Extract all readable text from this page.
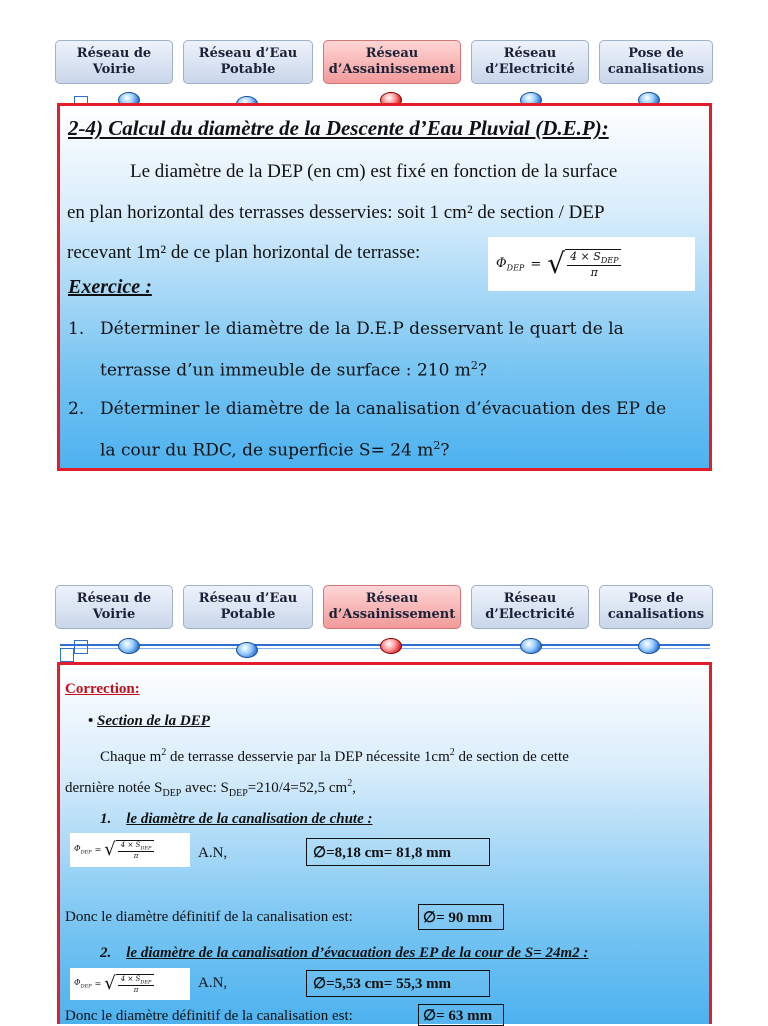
Réseau de
Voirie
Réseau d’Eau
Potable
Réseau
d’Assainissement
Réseau
d’Electricité
Pose de
canalisations
2-4) Calcul du diamètre de la Descente d’Eau Pluvial (D.E.P):
Le diamètre de la DEP (en cm) est fixé en fonction de la surface
en plan horizontal des terrasses desservies: soit 1 cm² de section / DEP
recevant 1m² de ce plan horizontal de terrasse:
$\Phi_{DEP}$ = √ $\frac{4 \times S_{DEP}}{\pi}$
Exercice :
1. Déterminer le diamètre de la D.E.P desservant le quart de la
terrasse d’un immeuble de surface : 210 $m^2$?
2. Déterminer le diamètre de la canalisation d’évacuation des EP de
la cour du RDC, de superficie S= 24 $m^2$?
Réseau de
Voirie
Réseau d’Eau
Potable
Réseau
d’Assainissement
Réseau
d’Electricité
Pose de
canalisations
Correction:
• Section de la DEP
Chaque $m^2$ de terrasse desservie par la DEP nécessite $1cm^2$ de section de cette
dernière notée $S_{DEP}$ avec: $S_{DEP}=210/4=52,5$ $cm^2$,
1. le diamètre de la canalisation de chute :
$\Phi_{DEP}$ = √ $\frac{4 \times S_{DEP}}{\pi}$	A.N,	∅=8,18 cm= 81,8 mm
Donc le diamètre définitif de la canalisation est:	∅= 90 mm
2. le diamètre de la canalisation d’évacuation des EP de la cour de S= 24m2 :
$\Phi_{DEP}$ = √ $\frac{4 \times S_{DEP}}{\pi}$	A.N,	∅=5,53 cm= 55,3 mm
Donc le diamètre définitif de la canalisation est:	∅= 63 mm
